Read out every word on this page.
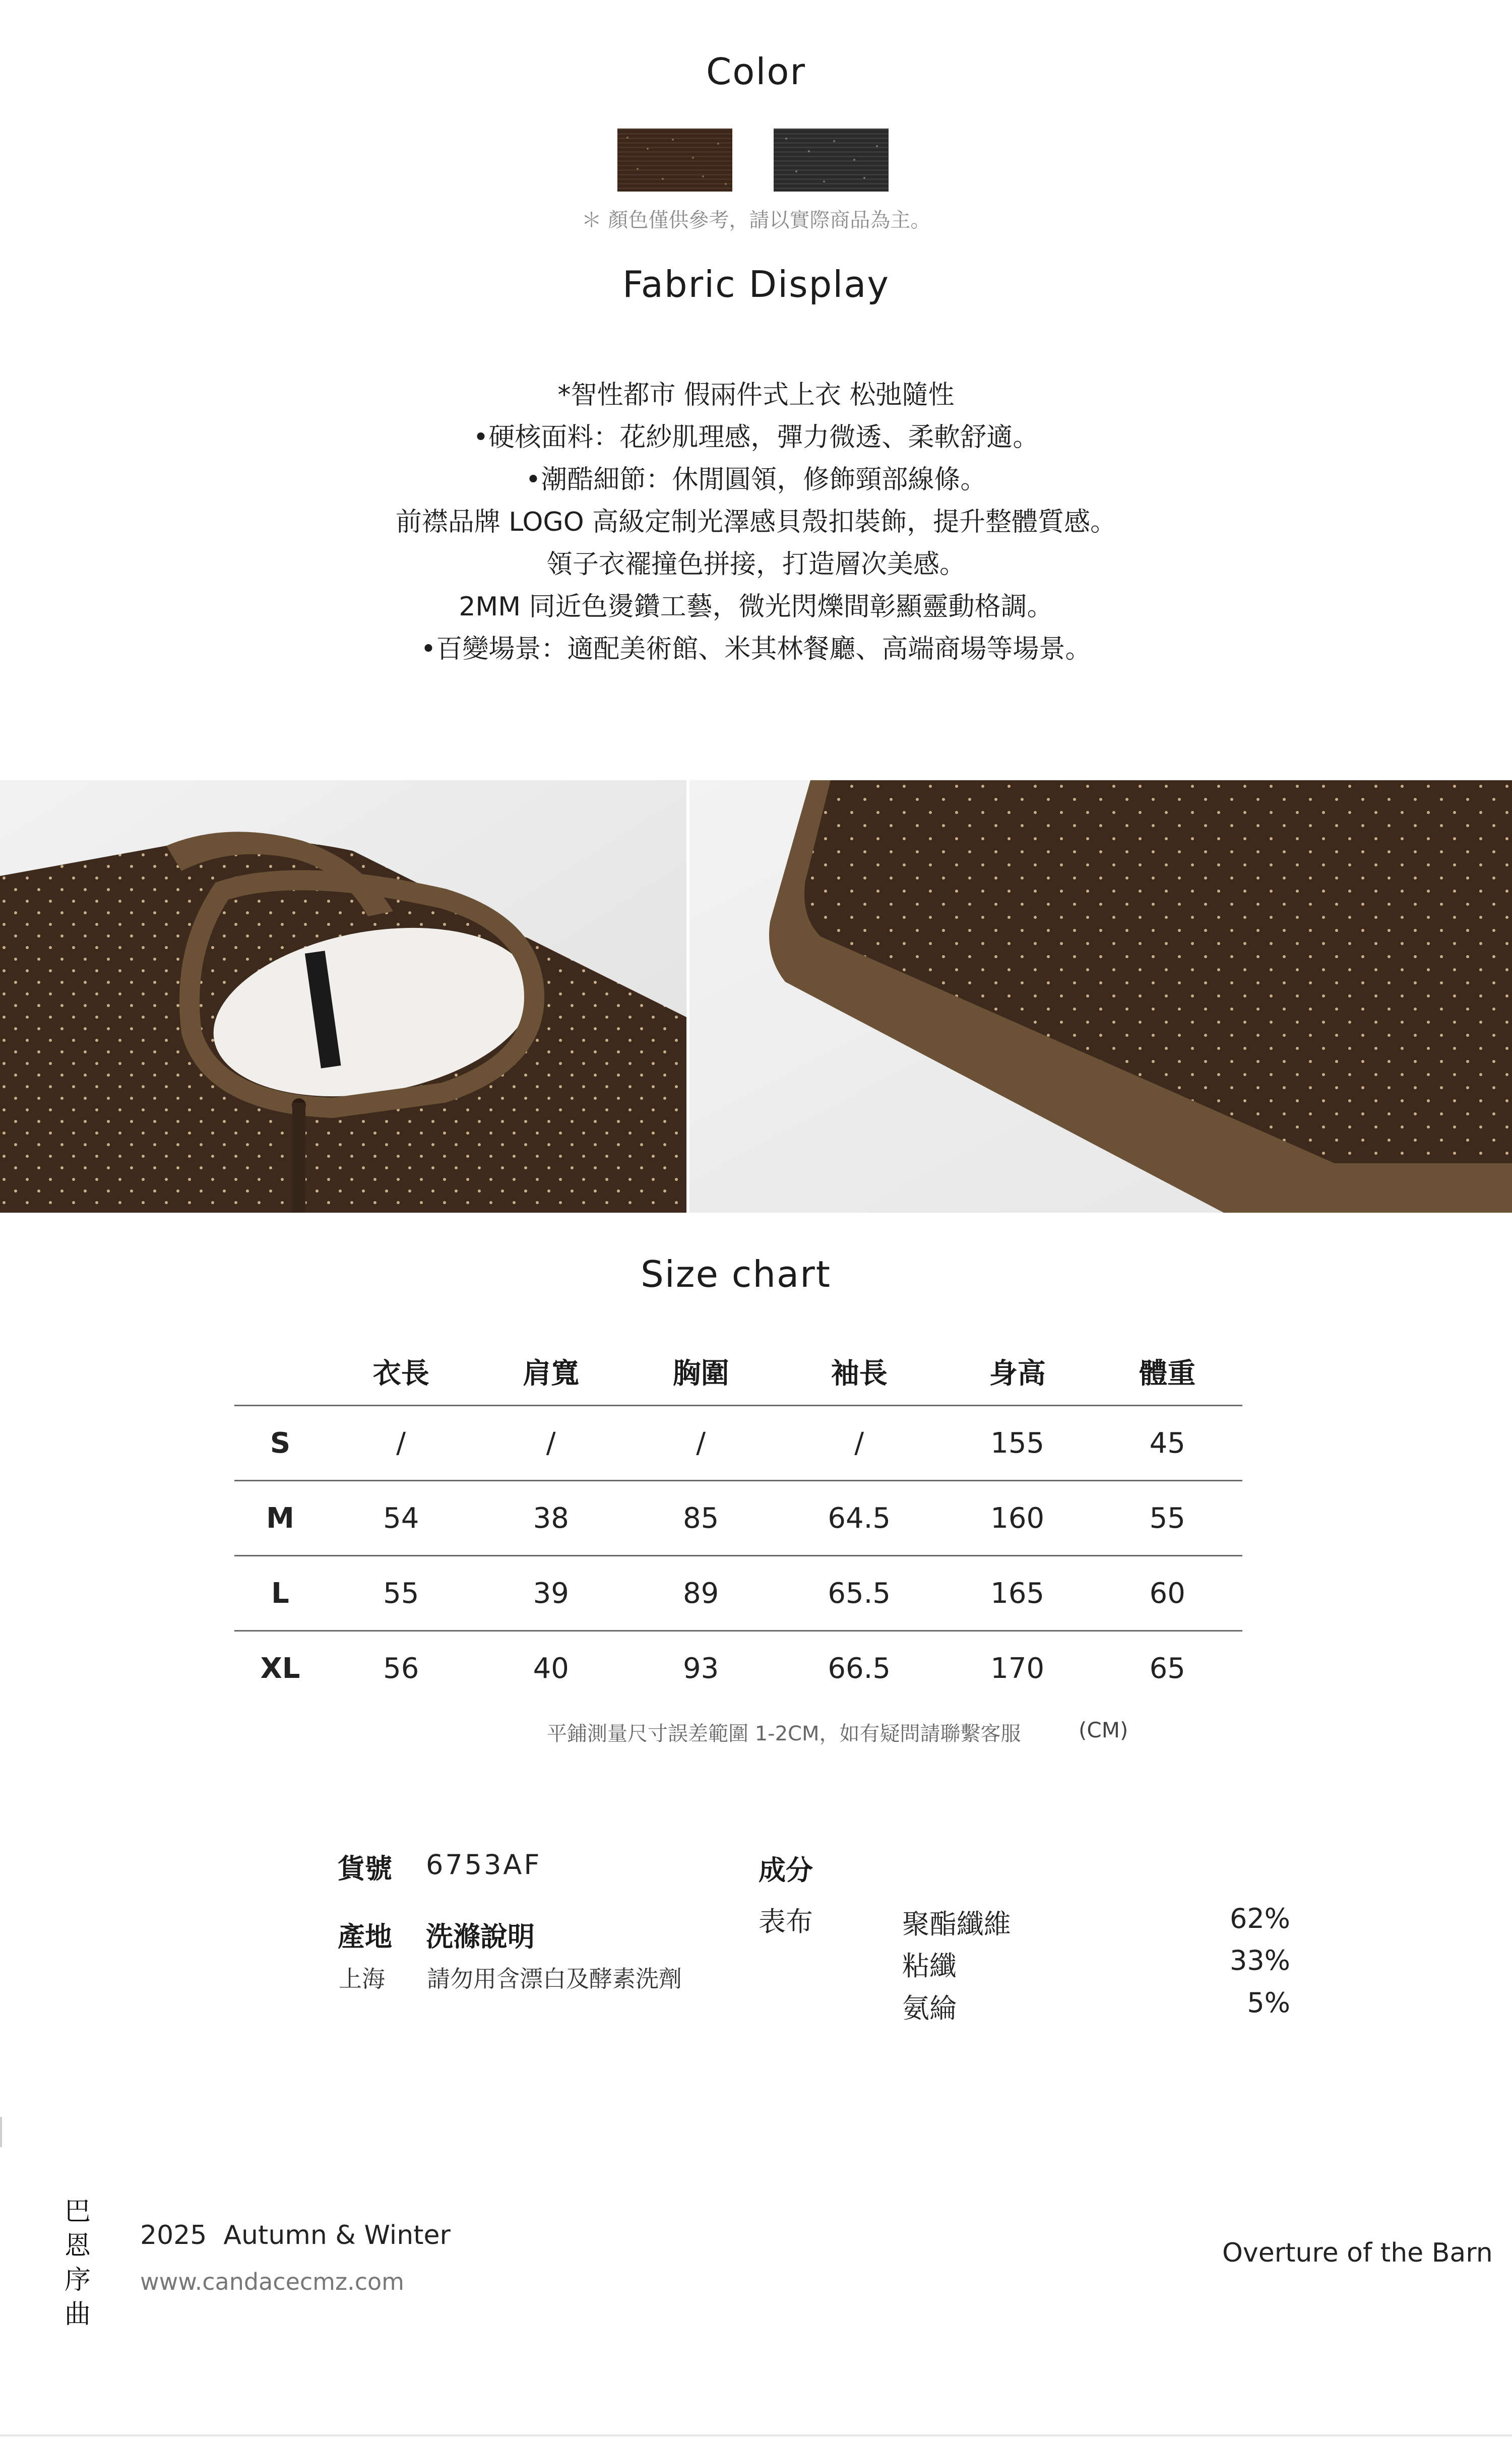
Color
＊ 顏色僅供參考，請以實際商品為主。
Fabric Display
*智性都市 假兩件式上衣 松弛隨性
•硬核面料：花紗肌理感，彈力微透、柔軟舒適。
•潮酷細節：休閒圓領，修飾頸部線條。
前襟品牌 LOGO 高級定制光澤感貝殼扣裝飾，提升整體質感。
領子衣襬撞色拼接，打造層次美感。
2MM 同近色燙鑽工藝，微光閃爍間彰顯靈動格調。
•百變場景：適配美術館、米其林餐廳、高端商場等場景。
Size chart
	衣長	肩寬	胸圍	袖長	身高	體重
S	/	/	/	/	155	45
M	54	38	85	64.5	160	55
L	55	39	89	65.5	165	60
XL	56	40	93	66.5	170	65
平鋪測量尺寸誤差範圍 1-2CM，如有疑問請聯繫客服	(CM)
貨號 6753AF
產地 洗滌說明
上海 請勿用含漂白及酵素洗劑
成分
表布	聚酯纖維	62%
粘纖	33%
氨綸	5%
巴
恩
序
曲
2025  Autumn & Winter
www.candacecmz.com
Overture of the Barn
